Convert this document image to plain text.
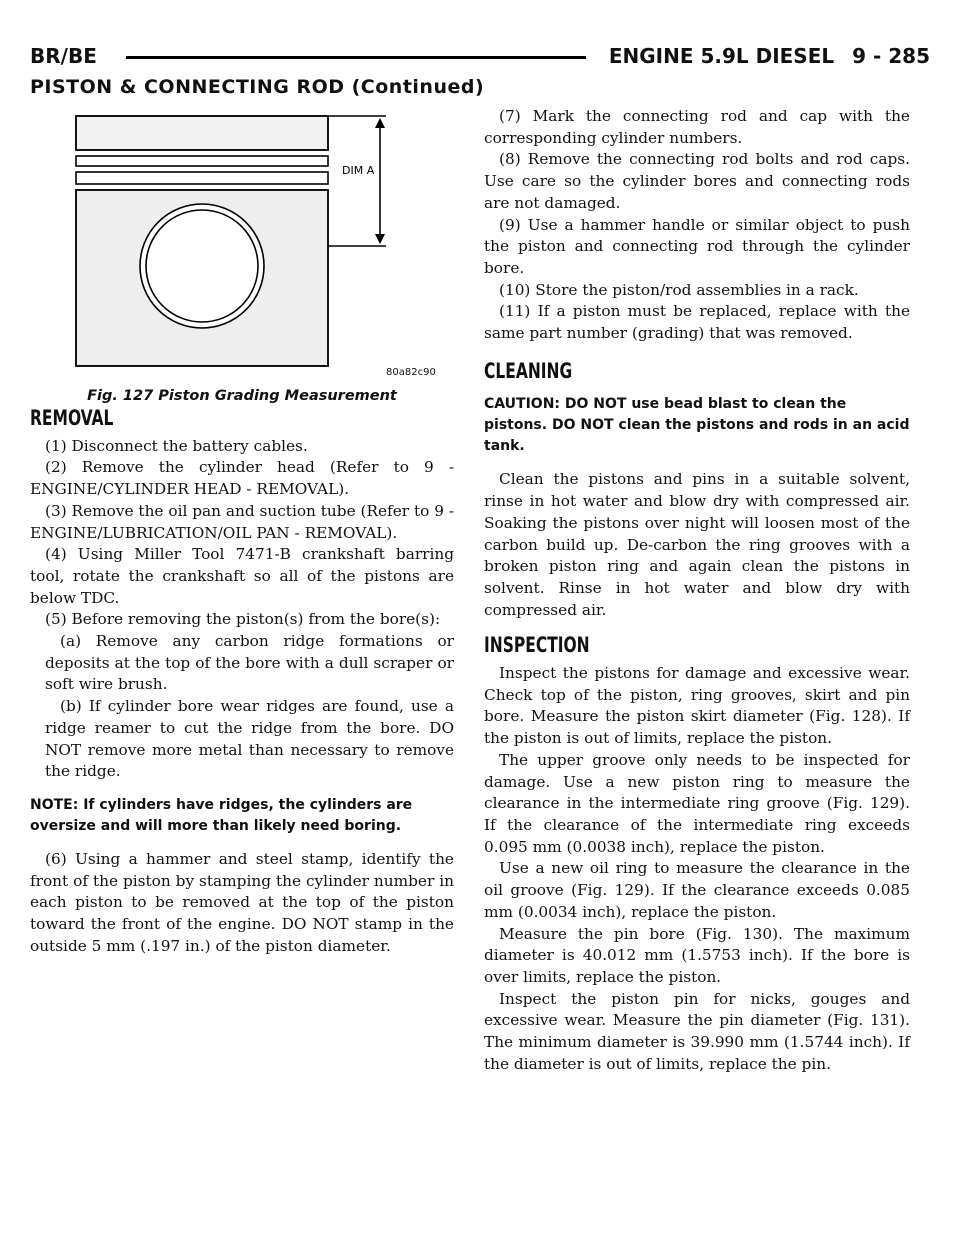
BR/BE	ENGINE 5.9L DIESEL 9 - 285
PISTON & CONNECTING ROD (Continued)
DIM A
80a82c90
Fig. 127 Piston Grading Measurement
REMOVAL

(1) Disconnect the battery cables.

(2) Remove the cylinder head (Refer to 9 - ENGINE/CYLINDER HEAD - REMOVAL).

(3) Remove the oil pan and suction tube (Refer to 9 - ENGINE/LUBRICATION/OIL PAN - REMOVAL).

(4) Using Miller Tool 7471-B crankshaft barring tool, rotate the crankshaft so all of the pistons are below TDC.

(5) Before removing the piston(s) from the bore(s):

(a) Remove any carbon ridge formations or deposits at the top of the bore with a dull scraper or soft wire brush.

(b) If cylinder bore wear ridges are found, use a ridge reamer to cut the ridge from the bore. DO NOT remove more metal than necessary to remove the ridge.

NOTE: If cylinders have ridges, the cylinders are oversize and will more than likely need boring.

(6) Using a hammer and steel stamp, identify the front of the piston by stamping the cylinder number in each piston to be removed at the top of the piston toward the front of the engine. DO NOT stamp in the outside 5 mm (.197 in.) of the piston diameter.

(7) Mark the connecting rod and cap with the corresponding cylinder numbers.

(8) Remove the connecting rod bolts and rod caps. Use care so the cylinder bores and connecting rods are not damaged.

(9) Use a hammer handle or similar object to push the piston and connecting rod through the cylinder bore.

(10) Store the piston/rod assemblies in a rack.

(11) If a piston must be replaced, replace with the same part number (grading) that was removed.

CLEANING

CAUTION: DO NOT use bead blast to clean the pistons. DO NOT clean the pistons and rods in an acid tank.

Clean the pistons and pins in a suitable solvent, rinse in hot water and blow dry with compressed air. Soaking the pistons over night will loosen most of the carbon build up. De-carbon the ring grooves with a broken piston ring and again clean the pistons in solvent. Rinse in hot water and blow dry with compressed air.

INSPECTION

Inspect the pistons for damage and excessive wear. Check top of the piston, ring grooves, skirt and pin bore. Measure the piston skirt diameter (Fig. 128). If the piston is out of limits, replace the piston.

The upper groove only needs to be inspected for damage. Use a new piston ring to measure the clearance in the intermediate ring groove (Fig. 129). If the clearance of the intermediate ring exceeds 0.095 mm (0.0038 inch), replace the piston.

Use a new oil ring to measure the clearance in the oil groove (Fig. 129). If the clearance exceeds 0.085 mm (0.0034 inch), replace the piston.

Measure the pin bore (Fig. 130). The maximum diameter is 40.012 mm (1.5753 inch). If the bore is over limits, replace the piston.

Inspect the piston pin for nicks, gouges and excessive wear. Measure the pin diameter (Fig. 131). The minimum diameter is 39.990 mm (1.5744 inch). If the diameter is out of limits, replace the pin.
